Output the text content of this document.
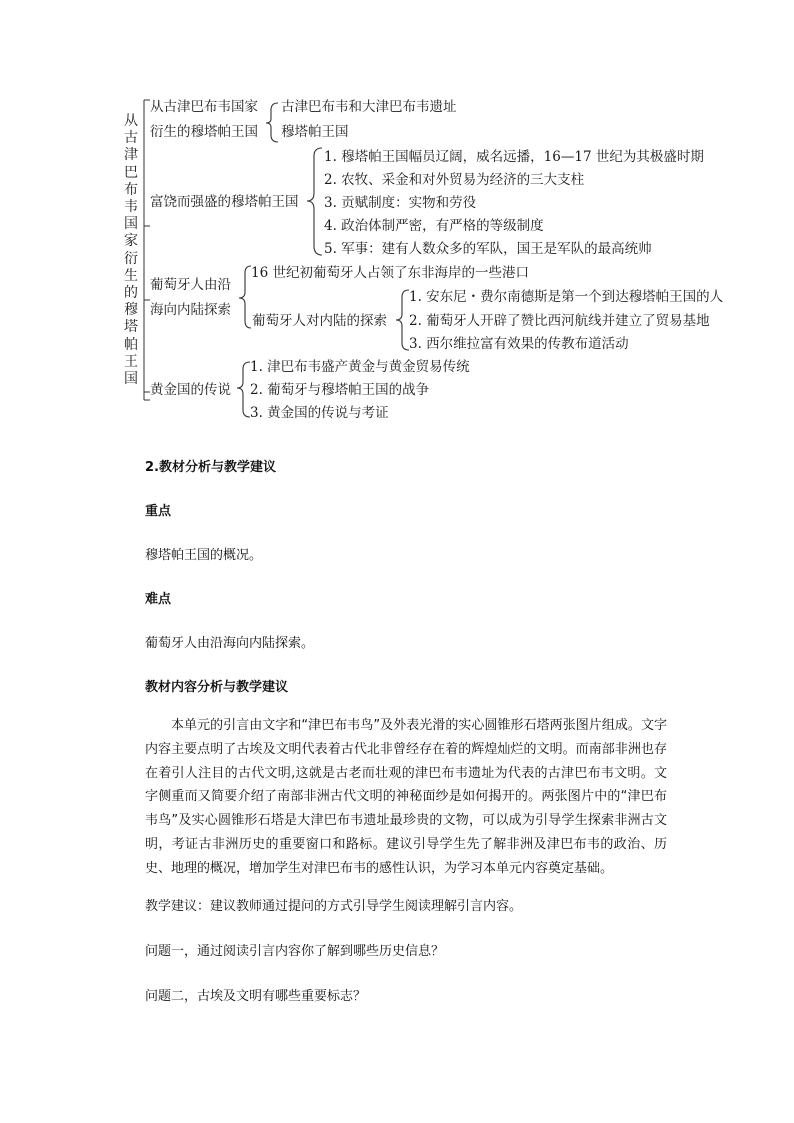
从古津巴布韦国家衍生的穆塔帕王国
从古津巴布韦国家
衍生的穆塔帕王国
古津巴布韦和大津巴布韦遗址
穆塔帕王国
富饶而强盛的穆塔帕王国
1. 穆塔帕王国幅员辽阔，威名远播，16—17 世纪为其极盛时期
2. 农牧、采金和对外贸易为经济的三大支柱
3. 贡赋制度：实物和劳役
4. 政治体制严密，有严格的等级制度
5. 军事：建有人数众多的军队，国王是军队的最高统帅
葡萄牙人由沿
海向内陆探索
16 世纪初葡萄牙人占领了东非海岸的一些港口
葡萄牙人对内陆的探索
1. 安东尼・费尔南德斯是第一个到达穆塔帕王国的人
2. 葡萄牙人开辟了赞比西河航线并建立了贸易基地
3. 西尔维拉富有效果的传教布道活动
黄金国的传说
1. 津巴布韦盛产黄金与黄金贸易传统
2. 葡萄牙与穆塔帕王国的战争
3. 黄金国的传说与考证
2.教材分析与教学建议
重点
穆塔帕王国的概况。
难点
葡萄牙人由沿海向内陆探索。
教材内容分析与教学建议
本单元的引言由文字和“津巴布韦鸟”及外表光滑的实心圆锥形石塔两张图片组成。文字内容主要点明了古埃及文明代表着古代北非曾经存在着的辉煌灿烂的文明。而南部非洲也存在着引人注目的古代文明,这就是古老而壮观的津巴布韦遗址为代表的古津巴布韦文明。文字侧重而又简要介绍了南部非洲古代文明的神秘面纱是如何揭开的。两张图片中的“津巴布韦鸟”及实心圆锥形石塔是大津巴布韦遗址最珍贵的文物，可以成为引导学生探索非洲古文明，考证古非洲历史的重要窗口和路标。建议引导学生先了解非洲及津巴布韦的政治、历史、地理的概况，增加学生对津巴布韦的感性认识，为学习本单元内容奠定基础。
教学建议：建议教师通过提问的方式引导学生阅读理解引言内容。
问题一，通过阅读引言内容你了解到哪些历史信息？
问题二，古埃及文明有哪些重要标志？
